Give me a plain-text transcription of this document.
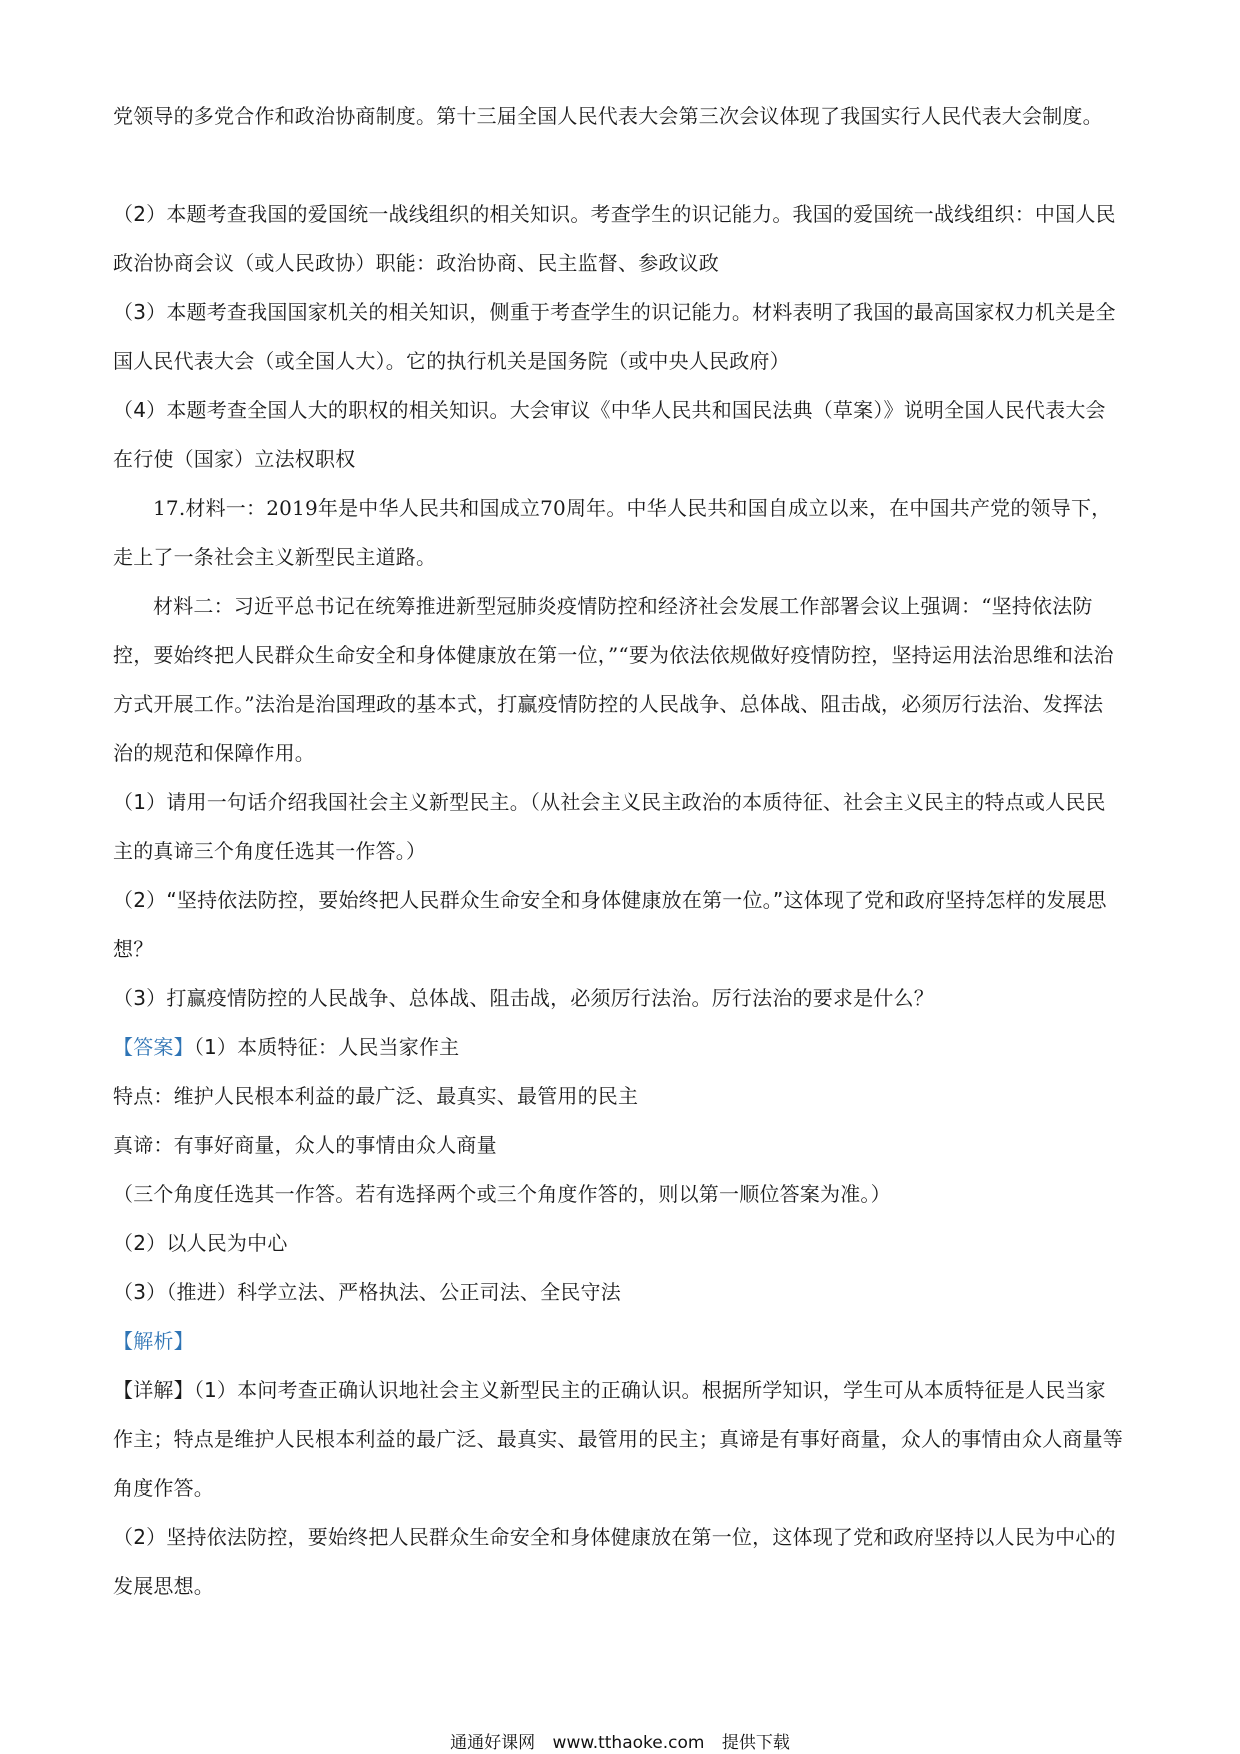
党领导的多党合作和政治协商制度。第十三届全国人民代表大会第三次会议体现了我国实行人民代表大会制度。

（2）本题考查我国的爱国统一战线组织的相关知识。考查学生的识记能力。我国的爱国统一战线组织：中国人民政治协商会议（或人民政协）职能：政治协商、民主监督、参政议政

（3）本题考查我国国家机关的相关知识，侧重于考查学生的识记能力。材料表明了我国的最高国家权力机关是全国人民代表大会（或全国人大）。它的执行机关是国务院（或中央人民政府）

（4）本题考查全国人大的职权的相关知识。大会审议《中华人民共和国民法典（草案）》说明全国人民代表大会在行使（国家）立法权职权

17.材料一：2019年是中华人民共和国成立70周年。中华人民共和国自成立以来，在中国共产党的领导下，走上了一条社会主义新型民主道路。

材料二：习近平总书记在统筹推进新型冠肺炎疫情防控和经济社会发展工作部署会议上强调：“坚持依法防控，要始终把人民群众生命安全和身体健康放在第一位，”“要为依法依规做好疫情防控，坚持运用法治思维和法治方式开展工作。”法治是治国理政的基本式，打赢疫情防控的人民战争、总体战、阻击战，必须厉行法治、发挥法治的规范和保障作用。

（1）请用一句话介绍我国社会主义新型民主。（从社会主义民主政治的本质待征、社会主义民主的特点或人民民主的真谛三个角度任选其一作答。）

（2）“坚持依法防控，要始终把人民群众生命安全和身体健康放在第一位。”这体现了党和政府坚持怎样的发展思想？

（3）打赢疫情防控的人民战争、总体战、阻击战，必须厉行法治。厉行法治的要求是什么？

【答案】（1）本质特征：人民当家作主

特点：维护人民根本利益的最广泛、最真实、最管用的民主

真谛：有事好商量，众人的事情由众人商量

（三个角度任选其一作答。若有选择两个或三个角度作答的，则以第一顺位答案为准。）

（2）以人民为中心

（3）（推进）科学立法、严格执法、公正司法、全民守法

【解析】

【详解】（1）本问考查正确认识地社会主义新型民主的正确认识。根据所学知识，学生可从本质特征是人民当家作主；特点是维护人民根本利益的最广泛、最真实、最管用的民主；真谛是有事好商量，众人的事情由众人商量等角度作答。

（2）坚持依法防控，要始终把人民群众生命安全和身体健康放在第一位，这体现了党和政府坚持以人民为中心的发展思想。

通通好课网 www.tthaoke.com 提供下载
